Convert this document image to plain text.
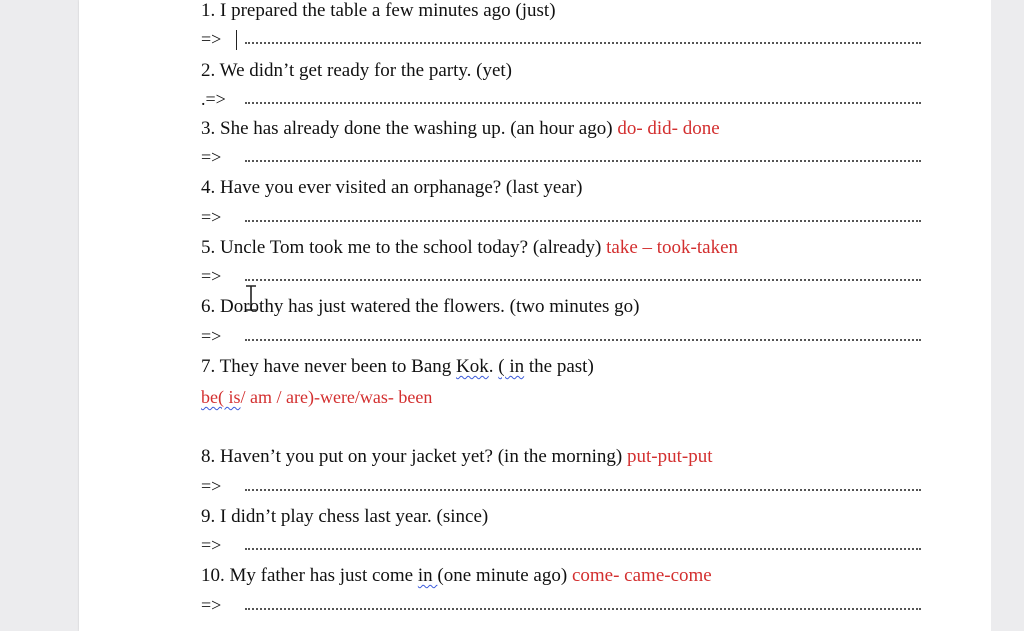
1. I prepared the table a few minutes ago (just)
=>
2. We didn’t get ready for the party. (yet)
.=>
3. She has already done the washing up. (an hour ago) do- did- done
=>
4. Have you ever visited an orphanage? (last year)
=>
5. Uncle Tom took me to the school today? (already) take – took-taken
=>
6. Dorothy has just watered the flowers. (two minutes go)
=>
7. They have never been to Bang Kok. ( in the past)
be( is/ am / are)-were/was- been
8. Haven’t you put on your jacket yet? (in the morning) put-put-put
=>
9. I didn’t play chess last year. (since)
=>
10. My father has just come in (one minute ago) come- came-come
=>
